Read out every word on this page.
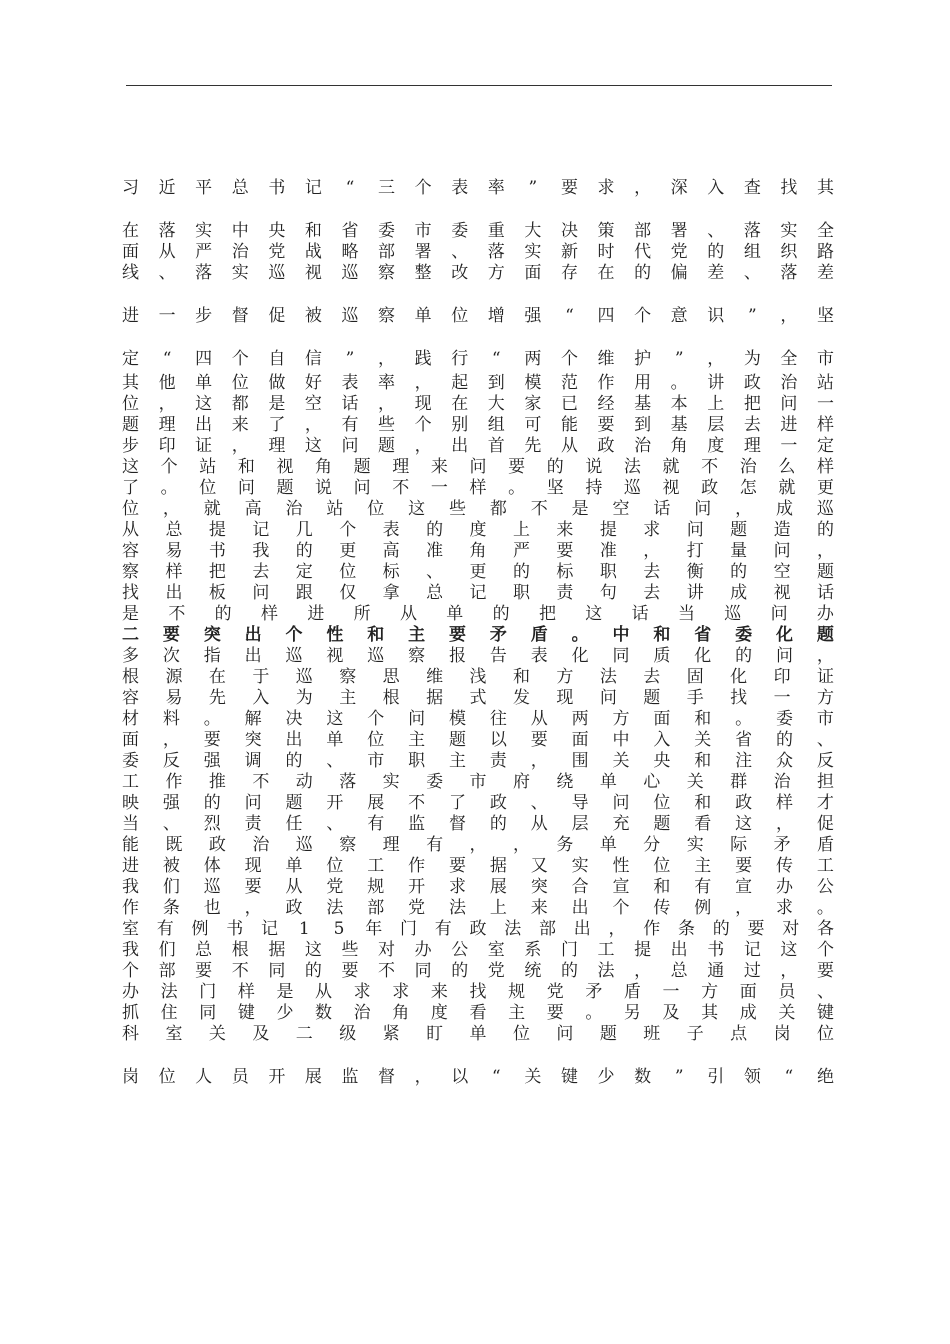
习 近 平 总 书 记 “ 三 个 表 率 ” 要 求 ， 深 入 查 找 其
在 落 实 中 央 和 省 委 市 委 重 大 决 策 部 署 、 落 实 全
面 从 严 治 党 战 略 部 署 、 落 实 新 时 代 党 的 组 织 路
线 、 落 实 巡 视 巡 察 整 改 方 面 存 在 的 偏 差 、 落 差
进 一 步 督 促 被 巡 察 单 位 增 强 “ 四 个 意 识 ” ， 坚
定 “ 四 个 自 信 ” ， 践 行 “ 两 个 维 护 ” ， 为 全 市
其 他 单 位 做 好 表 率 ， 起 到 模 范 作 用 。 讲 政 治 站
位 ， 这 都 是 空 话 ， 现 在 大 家 已 经 基 本 上 把 问 一
题 理 出 来 了 ， 有 些 个 别 组 可 能 要 到 基 层 去 进 样
步 印 证 ， 理 这 问 题 ， 出 首 先 从 政 治 角 度 理 一 定
这 个 站 和 视 角 题 理 来 问 要 的 说 法 就 不 治 么 样
了 。 位 问 题 说 问 不 一 样 。 坚 持 巡 视 政 怎 就 更
位 ， 就 高 治 站 位 这 些 都 不 是 空 话 问 ， 成 巡
从 总 提 记 几 个 表 的 度 上 来 提 求 问 题 造 的
容 易 书 我 的 更 高 准 角 严 要 准 ， 打 量 问 ，
察 样 把 去 定 位 标 、 更 的 标 职 去 衡 的 空 题
找 出 板 问 跟 仅 拿 总 记 职 责 句 去 讲 成 视 话
是 不 的 样 进 所 从 单 的 把 这 话 当 巡 问 办
二 要 突 出 个 性 和 主 要 矛 盾 。 中 和 省 委 化 题
多 次 指 出 巡 视 巡 察 报 告 表 化 同 质 化 的 问 ，
根 源 在 于 巡 察 思 维 浅 和 方 法 去 固 化 印 证
容 易 先 入 为 主 根 据 式 发 现 问 题 手 找 一 方
材 料 。 解 决 这 个 问 模 往 从 两 方 面 和 。 委 市
面 ， 要 突 出 单 位 主 题 以 要 面 中 入 关 省 的 、
委 反 强 调 的 、 市 职 主 责 ， 围 关 央 和 注 众 反
工 作 推 不 动 落 实 委 市 府 绕 单 心 关 群 治 担
映 强 的 问 题 开 展 不 了 政 、 导 问 位 和 政 样 才
当 、 烈 责 任 、 有 监 督 的 从 层 充 题 看 这 ， 促
能 既 政 治 巡 察 理 有 ， ， 务 单 分 实 际 矛 盾
进 被 体 现 单 位 工 作 要 据 又 实 性 位 主 要 传 工
我 们 巡 要 从 党 规 开 求 展 突 合 宣 和 有 宣 办 公
作 条 也 ， 政 法 部 党 法 上 来 出 个 传 例 ， 求 。
室 有 例 书 记 1 5 年 门 有 政 法 部 出 ， 作 条 的 要 对 各
我 们 总 根 据 这 些 对 办 公 室 系 门 工 提 出 书 记 这 个
个 部 要 不 同 的 要 不 同 的 党 统 的 法 ， 总 通 过 ， 要
办 法 门 样 是 从 求 求 来 找 规 党 矛 盾 一 方 面 员 、
抓 住 同 键 少 数 治 角 度 看 主 要 。 另 及 其 成 关 键
科 室 关 及 二 级 紧 盯 单 位 问 题 班 子 点 岗 位
岗 位 人 员 开 展 监 督 ， 以 “ 关 键 少 数 ” 引 领 “ 绝
